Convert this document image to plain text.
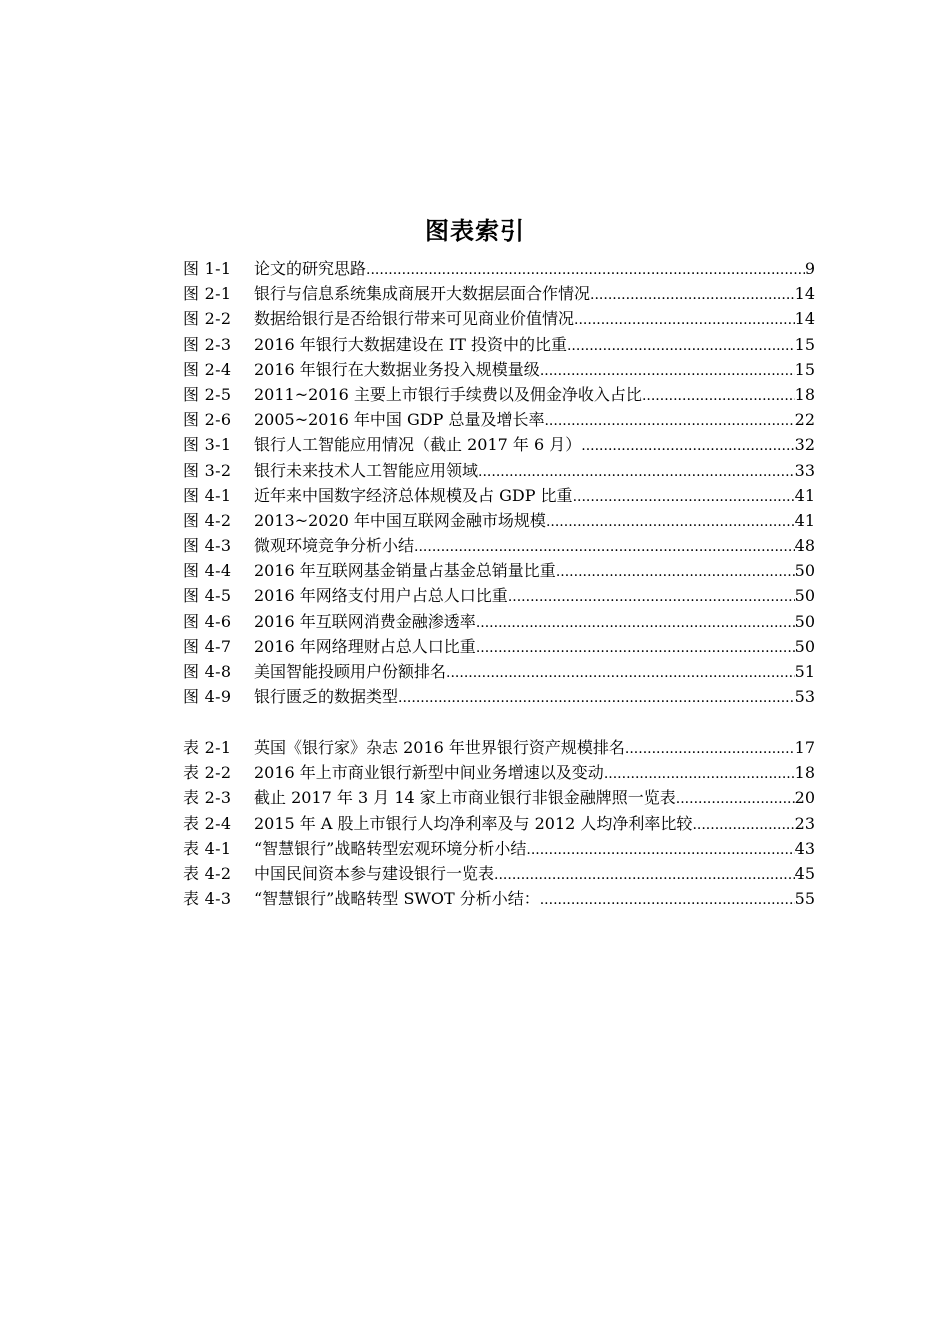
图表索引
图 1-1	论文的研究思路 .....	9
图 2-1	银行与信息系统集成商展开大数据层面合作情况 .....	14
图 2-2	数据给银行是否给银行带来可见商业价值情况 .....	14
图 2-3	2016 年银行大数据建设在 IT 投资中的比重 .....	15
图 2-4	2016 年银行在大数据业务投入规模量级 .....	15
图 2-5	2011~2016 主要上市银行手续费以及佣金净收入占比 .....	18
图 2-6	2005~2016 年中国 GDP 总量及增长率 .....	22
图 3-1	银行人工智能应用情况（截止 2017 年 6 月） .....	32
图 3-2	银行未来技术人工智能应用领域 .....	33
图 4-1	近年来中国数字经济总体规模及占 GDP 比重 .....	41
图 4-2	2013~2020 年中国互联网金融市场规模 .....	41
图 4-3	微观环境竞争分析小结 .....	48
图 4-4	2016 年互联网基金销量占基金总销量比重 .....	50
图 4-5	2016 年网络支付用户占总人口比重 .....	50
图 4-6	2016 年互联网消费金融渗透率 .....	50
图 4-7	2016 年网络理财占总人口比重 .....	50
图 4-8	美国智能投顾用户份额排名 .....	51
图 4-9	银行匮乏的数据类型 .....	53
表 2-1	英国《银行家》杂志 2016 年世界银行资产规模排名 .....	17
表 2-2	2016 年上市商业银行新型中间业务增速以及变动 .....	18
表 2-3	截止 2017 年 3 月 14 家上市商业银行非银金融牌照一览表 .....	20
表 2-4	2015 年 A 股上市银行人均净利率及与 2012 人均净利率比较 .....	23
表 4-1	“智慧银行”战略转型宏观环境分析小结 .....	43
表 4-2	中国民间资本参与建设银行一览表 .....	45
表 4-3	“智慧银行”战略转型 SWOT 分析小结： .....	55
